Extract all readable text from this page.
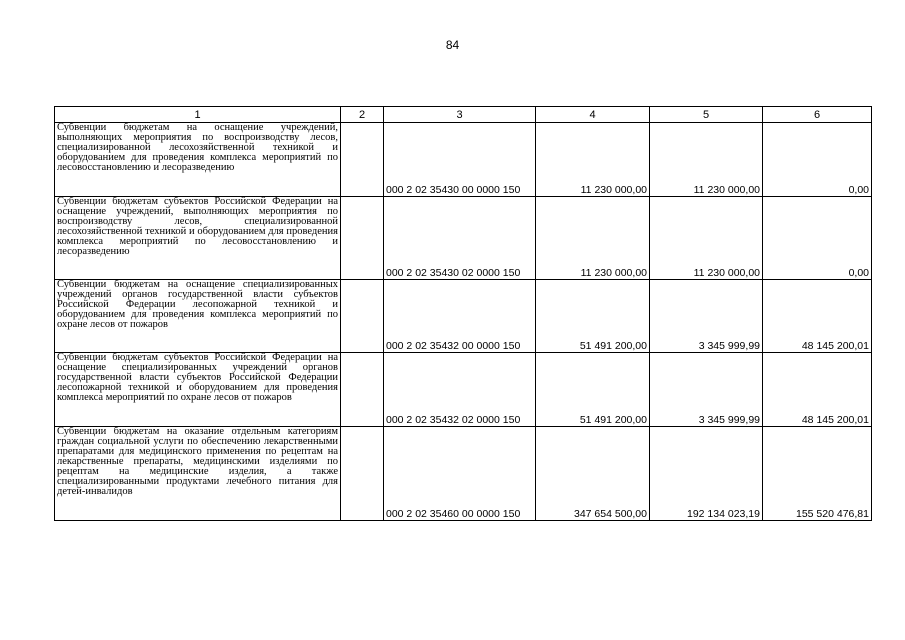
84
1	2	3	4	5	6
Субвенции бюджетам на оснащение учреждений, выполняющих мероприятия по воспроизводству лесов, специализированной лесохозяйственной техникой и оборудованием для проведения комплекса мероприятий по лесовосстановлению и лесоразведению		000 2 02 35430 00 0000 150	11 230 000,00	11 230 000,00	0,00
Субвенции бюджетам субъектов Российской Федерации на оснащение учреждений, выполняющих мероприятия по воспроизводству лесов, специализированной лесохозяйственной техникой и оборудованием для проведения комплекса мероприятий по лесовосстановлению и лесоразведению		000 2 02 35430 02 0000 150	11 230 000,00	11 230 000,00	0,00
Субвенции бюджетам на оснащение специализированных учреждений органов государственной власти субъектов Российской Федерации лесопожарной техникой и оборудованием для проведения комплекса мероприятий по охране лесов от пожаров		000 2 02 35432 00 0000 150	51 491 200,00	3 345 999,99	48 145 200,01
Субвенции бюджетам субъектов Российской Федерации на оснащение специализированных учреждений органов государственной власти субъектов Российской Федерации лесопожарной техникой и оборудованием для проведения комплекса мероприятий по охране лесов от пожаров		000 2 02 35432 02 0000 150	51 491 200,00	3 345 999,99	48 145 200,01
Субвенции бюджетам на оказание отдельным категориям граждан социальной услуги по обеспечению лекарственными препаратами для медицинского применения по рецептам на лекарственные препараты, медицинскими изделиями по рецептам на медицинские изделия, а также специализированными продуктами лечебного питания для детей-инвалидов		000 2 02 35460 00 0000 150	347 654 500,00	192 134 023,19	155 520 476,81
